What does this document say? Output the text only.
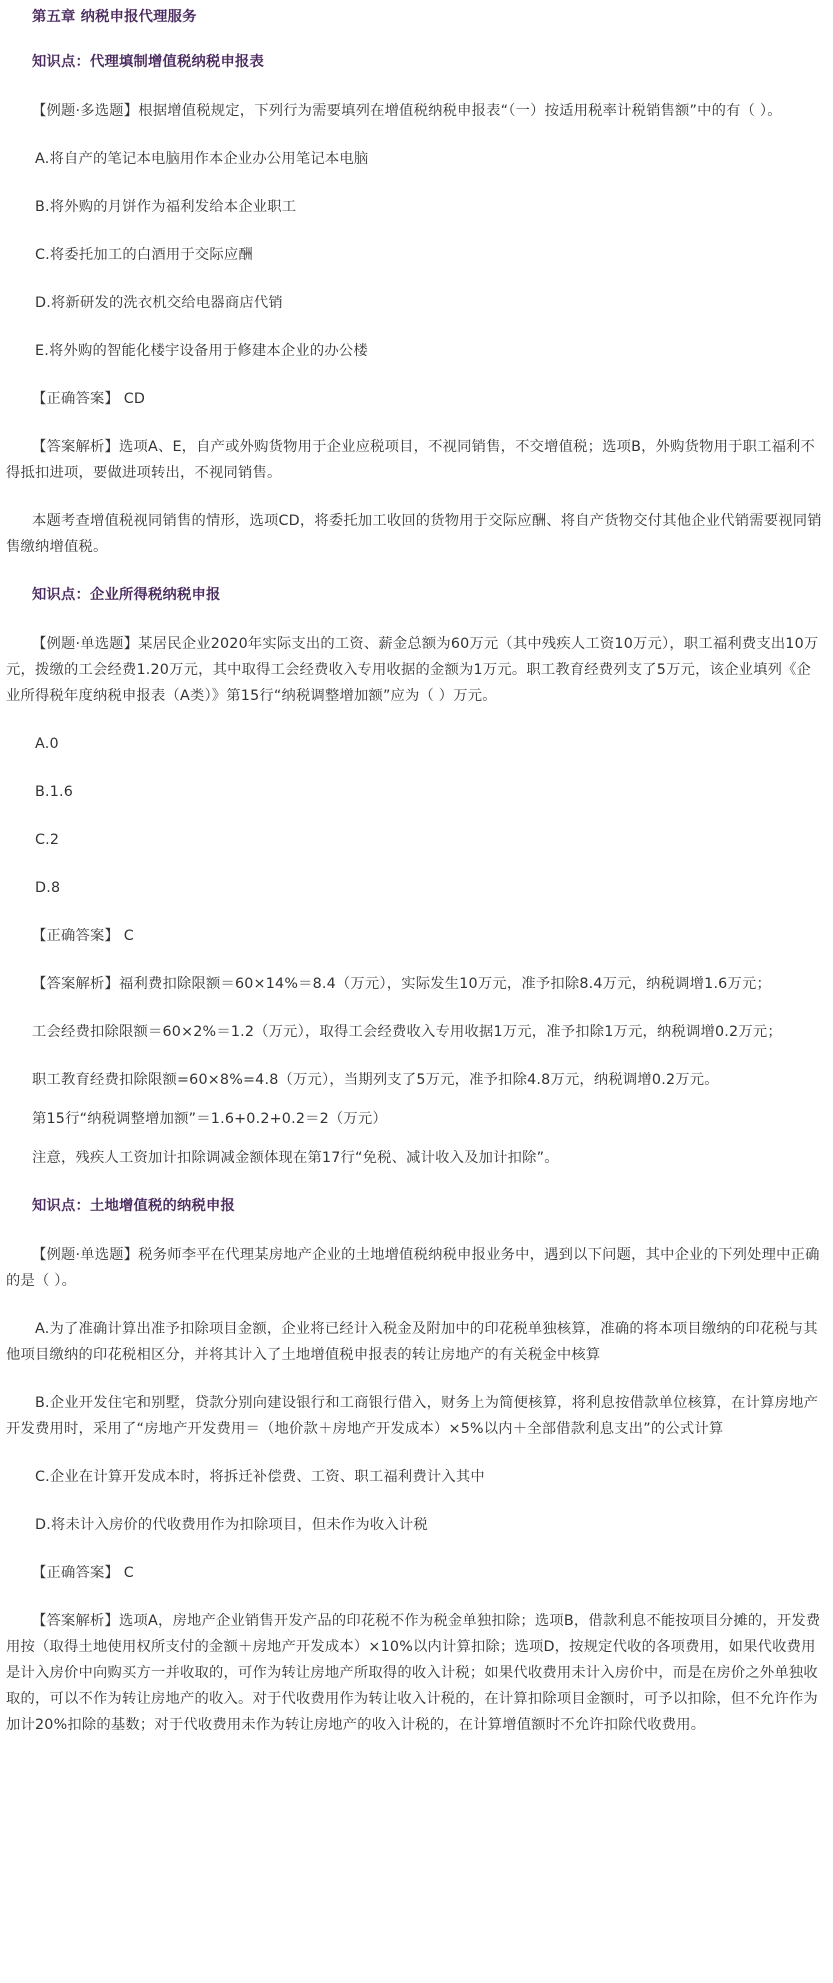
第五章 纳税申报代理服务

知识点：代理填制增值税纳税申报表

【例题·多选题】根据增值税规定，下列行为需要填列在增值税纳税申报表“（一）按适用税率计税销售额”中的有（ ）。

A.将自产的笔记本电脑用作本企业办公用笔记本电脑

B.将外购的月饼作为福利发给本企业职工

C.将委托加工的白酒用于交际应酬

D.将新研发的洗衣机交给电器商店代销

E.将外购的智能化楼宇设备用于修建本企业的办公楼

【正确答案】 CD

【答案解析】选项A、E，自产或外购货物用于企业应税项目，不视同销售，不交增值税；选项B，外购货物用于职工福利不得抵扣进项，要做进项转出，不视同销售。

本题考查增值税视同销售的情形，选项CD，将委托加工收回的货物用于交际应酬、将自产货物交付其他企业代销需要视同销售缴纳增值税。

知识点：企业所得税纳税申报

【例题·单选题】某居民企业2020年实际支出的工资、薪金总额为60万元（其中残疾人工资10万元），职工福利费支出10万元，拨缴的工会经费1.20万元，其中取得工会经费收入专用收据的金额为1万元。职工教育经费列支了5万元，该企业填列《企业所得税年度纳税申报表（A类）》第15行“纳税调整增加额”应为（ ）万元。

A.0

B.1.6

C.2

D.8

【正确答案】 C

【答案解析】福利费扣除限额＝60×14%＝8.4（万元），实际发生10万元，准予扣除8.4万元，纳税调增1.6万元；

工会经费扣除限额＝60×2%＝1.2（万元），取得工会经费收入专用收据1万元，准予扣除1万元，纳税调增0.2万元；

职工教育经费扣除限额=60×8%=4.8（万元），当期列支了5万元，准予扣除4.8万元，纳税调增0.2万元。

第15行“纳税调整增加额”＝1.6+0.2+0.2＝2（万元）

注意，残疾人工资加计扣除调减金额体现在第17行“免税、减计收入及加计扣除”。

知识点：土地增值税的纳税申报

【例题·单选题】税务师李平在代理某房地产企业的土地增值税纳税申报业务中，遇到以下问题，其中企业的下列处理中正确的是（ ）。

A.为了准确计算出准予扣除项目金额，企业将已经计入税金及附加中的印花税单独核算，准确的将本项目缴纳的印花税与其他项目缴纳的印花税相区分，并将其计入了土地增值税申报表的转让房地产的有关税金中核算

B.企业开发住宅和别墅，贷款分别向建设银行和工商银行借入，财务上为简便核算，将利息按借款单位核算，在计算房地产开发费用时，采用了“房地产开发费用＝（地价款＋房地产开发成本）×5%以内＋全部借款利息支出”的公式计算

C.企业在计算开发成本时，将拆迁补偿费、工资、职工福利费计入其中

D.将未计入房价的代收费用作为扣除项目，但未作为收入计税

【正确答案】 C

【答案解析】选项A，房地产企业销售开发产品的印花税不作为税金单独扣除；选项B，借款利息不能按项目分摊的，开发费用按（取得土地使用权所支付的金额＋房地产开发成本）×10%以内计算扣除；选项D，按规定代收的各项费用，如果代收费用是计入房价中向购买方一并收取的，可作为转让房地产所取得的收入计税；如果代收费用未计入房价中，而是在房价之外单独收取的，可以不作为转让房地产的收入。对于代收费用作为转让收入计税的，在计算扣除项目金额时，可予以扣除，但不允许作为加计20%扣除的基数；对于代收费用未作为转让房地产的收入计税的，在计算增值额时不允许扣除代收费用。
